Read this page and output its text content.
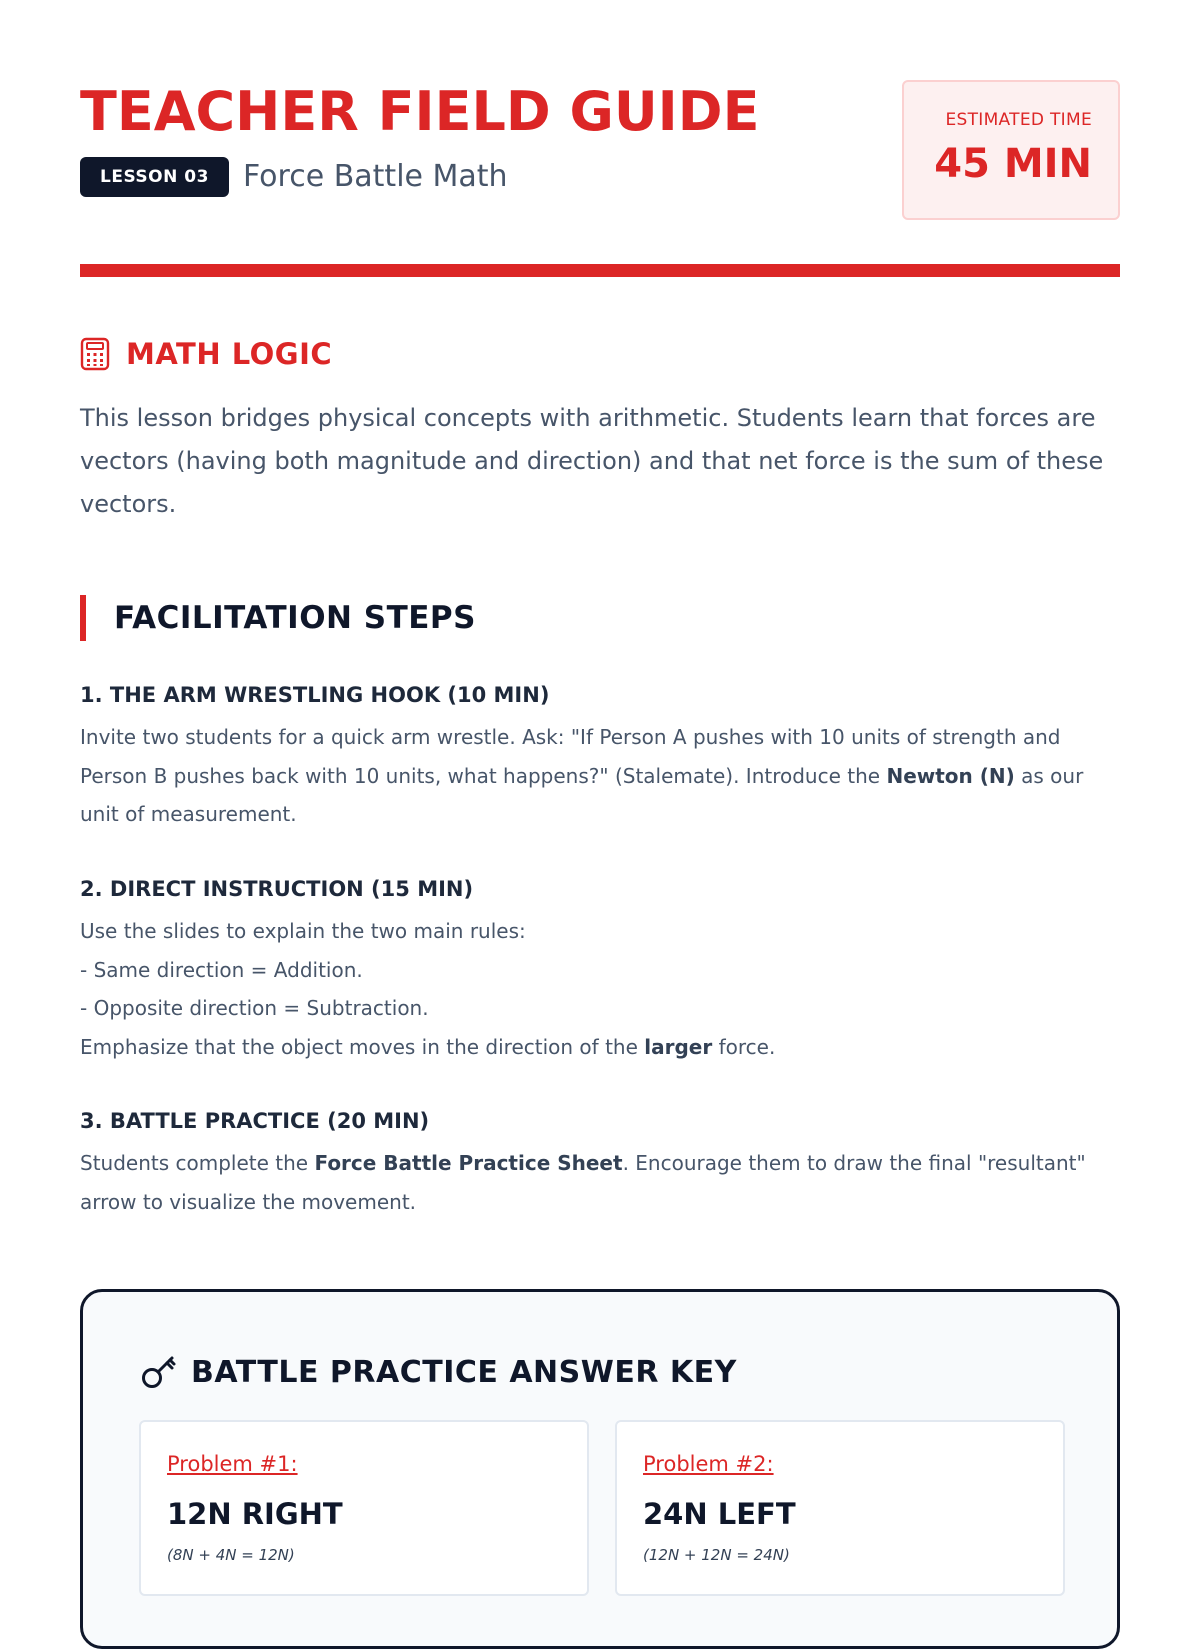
TEACHER FIELD GUIDE
LESSON 03	Force Battle Math
ESTIMATED TIME
45 MIN
MATH LOGIC
This lesson bridges physical concepts with arithmetic. Students learn that forces are vectors (having both magnitude and direction) and that net force is the sum of these vectors.
FACILITATION STEPS
1. THE ARM WRESTLING HOOK (10 MIN)
Invite two students for a quick arm wrestle. Ask: "If Person A pushes with 10 units of strength and Person B pushes back with 10 units, what happens?" (Stalemate). Introduce the Newton (N) as our unit of measurement.
2. DIRECT INSTRUCTION (15 MIN)
Use the slides to explain the two main rules:
- Same direction = Addition.
- Opposite direction = Subtraction.
Emphasize that the object moves in the direction of the larger force.
3. BATTLE PRACTICE (20 MIN)
Students complete the Force Battle Practice Sheet. Encourage them to draw the final "resultant" arrow to visualize the movement.
BATTLE PRACTICE ANSWER KEY
Problem #1:
12N RIGHT
(8N + 4N = 12N)
Problem #2:
24N LEFT
(12N + 12N = 24N)
